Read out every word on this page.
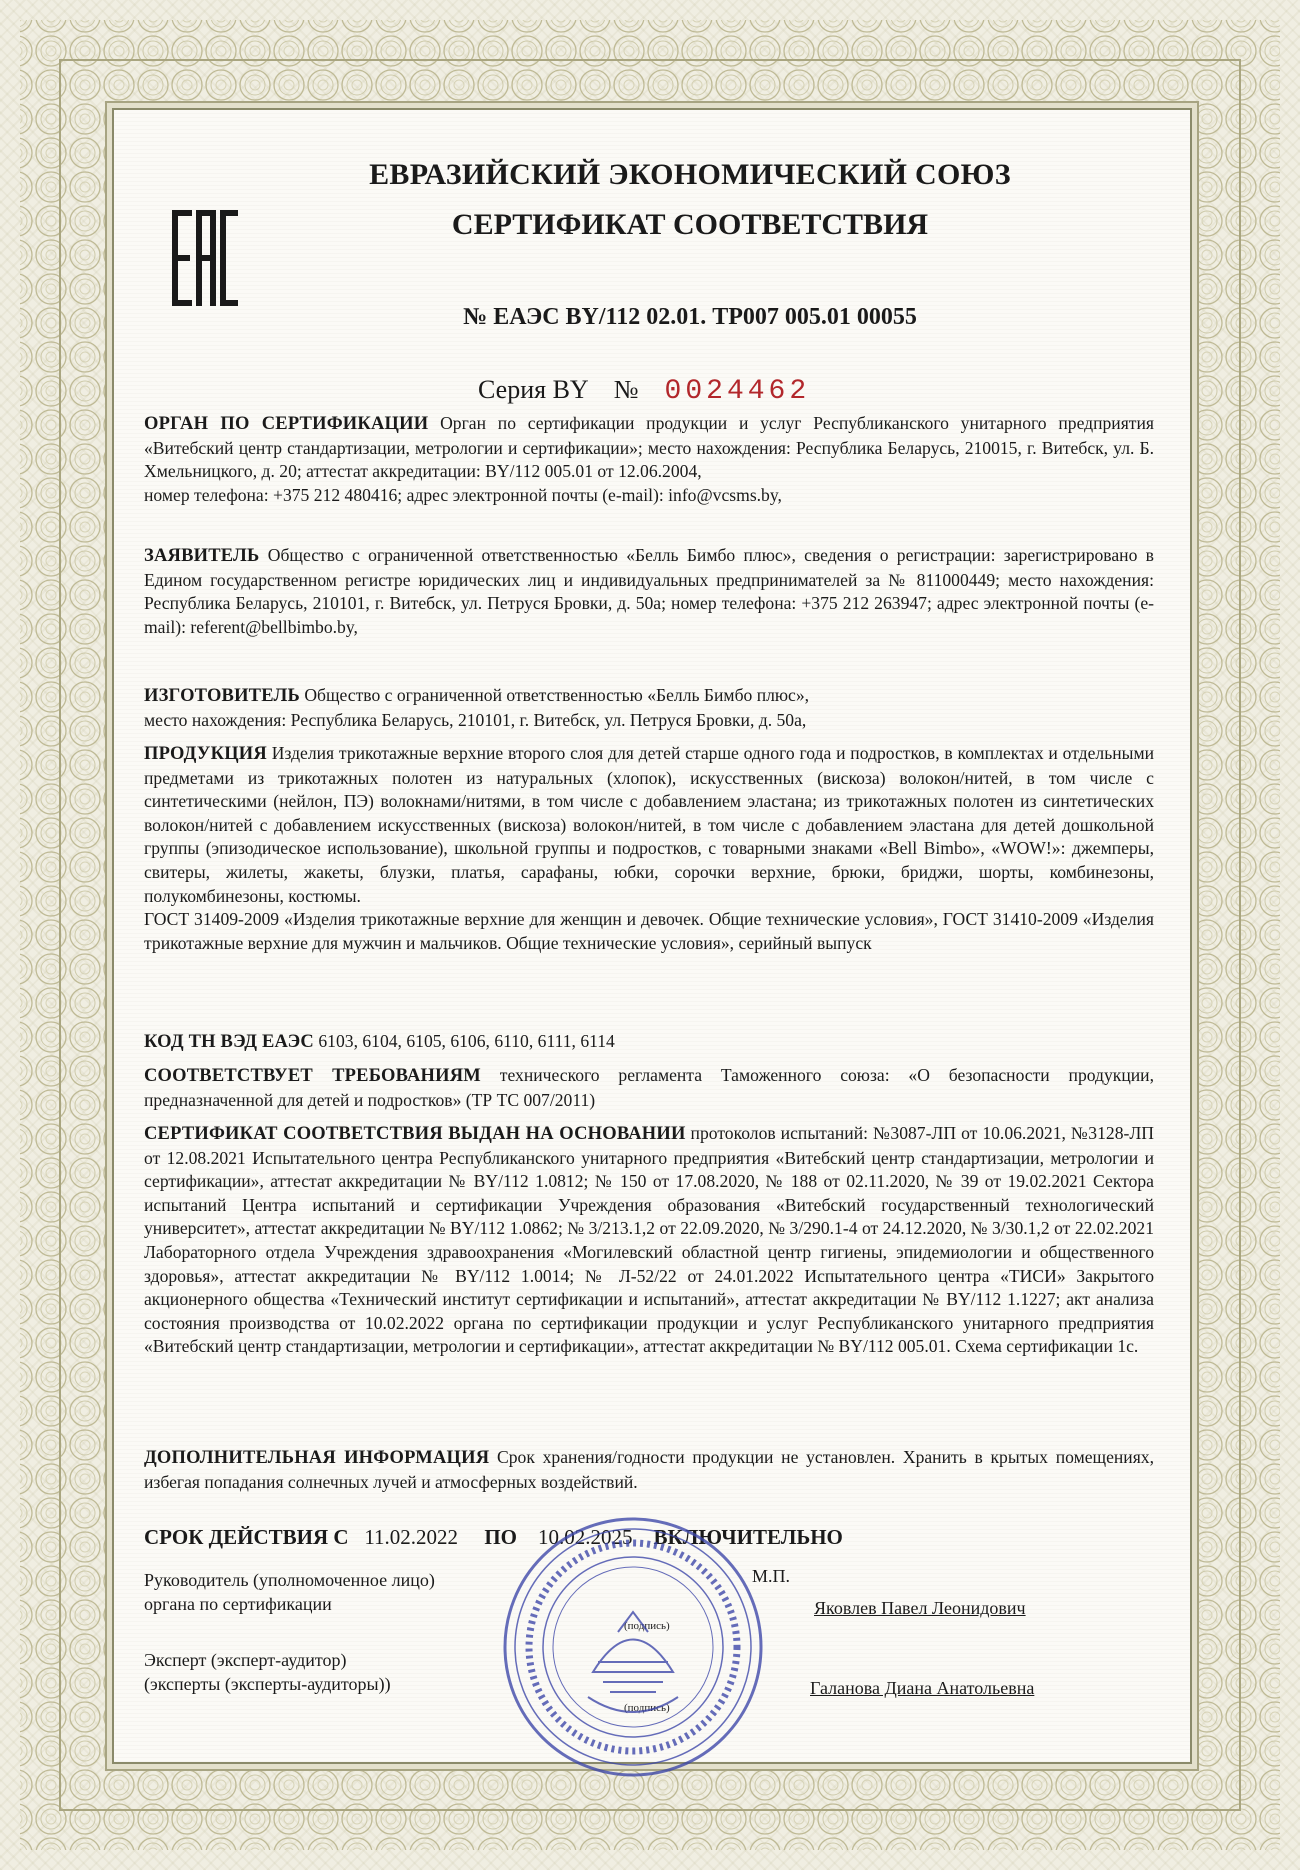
ЕВРАЗИЙСКИЙ ЭКОНОМИЧЕСКИЙ СОЮЗ
СЕРТИФИКАТ СООТВЕТСТВИЯ
№ ЕАЭС BY/112 02.01. ТР007 005.01 00055
Серия BY № 0024462

ОРГАН ПО СЕРТИФИКАЦИИ Орган по сертификации продукции и услуг Республиканского унитарного предприятия «Витебский центр стандартизации, метрологии и сертификации»; место нахождения: Республика Беларусь, 210015, г. Витебск, ул. Б. Хмельницкого, д. 20; аттестат аккредитации: BY/112 005.01 от 12.06.2004,

номер телефона: +375 212 480416; адрес электронной почты (e-mail): info@vcsms.by,

ЗАЯВИТЕЛЬ Общество с ограниченной ответственностью «Белль Бимбо плюс», сведения о регистрации: зарегистрировано в Едином государственном регистре юридических лиц и индивидуальных предпринимателей за № 811000449; место нахождения: Республика Беларусь, 210101, г. Витебск, ул. Петруся Бровки, д. 50а; номер телефона: +375 212 263947; адрес электронной почты (e-mail): referent@bellbimbo.by,

ИЗГОТОВИТЕЛЬ Общество с ограниченной ответственностью «Белль Бимбо плюс»,

место нахождения: Республика Беларусь, 210101, г. Витебск, ул. Петруся Бровки, д. 50а,

ПРОДУКЦИЯ Изделия трикотажные верхние второго слоя для детей старше одного года и подростков, в комплектах и отдельными предметами из трикотажных полотен из натуральных (хлопок), искусственных (вискоза) волокон/нитей, в том числе с синтетическими (нейлон, ПЭ) волокнами/нитями, в том числе с добавлением эластана; из трикотажных полотен из синтетических волокон/нитей с добавлением искусственных (вискоза) волокон/нитей, в том числе с добавлением эластана для детей дошкольной группы (эпизодическое использование), школьной группы и подростков, с товарными знаками «Bell Bimbo», «WOW!»: джемперы, свитеры, жилеты, жакеты, блузки, платья, сарафаны, юбки, сорочки верхние, брюки, бриджи, шорты, комбинезоны, полукомбинезоны, костюмы.

ГОСТ 31409-2009 «Изделия трикотажные верхние для женщин и девочек. Общие технические условия», ГОСТ 31410-2009 «Изделия трикотажные верхние для мужчин и мальчиков. Общие технические условия», серийный выпуск

КОД ТН ВЭД ЕАЭС 6103, 6104, 6105, 6106, 6110, 6111, 6114

СООТВЕТСТВУЕТ ТРЕБОВАНИЯМ технического регламента Таможенного союза: «О безопасности продукции, предназначенной для детей и подростков» (ТР ТС 007/2011)

СЕРТИФИКАТ СООТВЕТСТВИЯ ВЫДАН НА ОСНОВАНИИ протоколов испытаний: №3087-ЛП от 10.06.2021, №3128-ЛП от 12.08.2021 Испытательного центра Республиканского унитарного предприятия «Витебский центр стандартизации, метрологии и сертификации», аттестат аккредитации № BY/112 1.0812; № 150 от 17.08.2020, № 188 от 02.11.2020, № 39 от 19.02.2021 Сектора испытаний Центра испытаний и сертификации Учреждения образования «Витебский государственный технологический университет», аттестат аккредитации № BY/112 1.0862; № 3/213.1,2 от 22.09.2020, № 3/290.1-4 от 24.12.2020, № 3/30.1,2 от 22.02.2021 Лабораторного отдела Учреждения здравоохранения «Могилевский областной центр гигиены, эпидемиологии и общественного здоровья», аттестат аккредитации № BY/112 1.0014; № Л-52/22 от 24.01.2022 Испытательного центра «ТИСИ» Закрытого акционерного общества «Технический институт сертификации и испытаний», аттестат аккредитации № BY/112 1.1227; акт анализа состояния производства от 10.02.2022 органа по сертификации продукции и услуг Республиканского унитарного предприятия «Витебский центр стандартизации, метрологии и сертификации», аттестат аккредитации № BY/112 005.01. Схема сертификации 1с.

ДОПОЛНИТЕЛЬНАЯ ИНФОРМАЦИЯ Срок хранения/годности продукции не установлен. Хранить в крытых помещениях, избегая попадания солнечных лучей и атмосферных воздействий.

СРОК ДЕЙСТВИЯ С 11.02.2022 ПО 10.02.2025 ВКЛЮЧИТЕЛЬНО
Руководитель (уполномоченное лицо)
органа по сертификации
М.П.
(подпись)
Яковлев Павел Леонидович
Эксперт (эксперт-аудитор)
(эксперты (эксперты-аудиторы))
(подпись)
Галанова Диана Анатольевна
